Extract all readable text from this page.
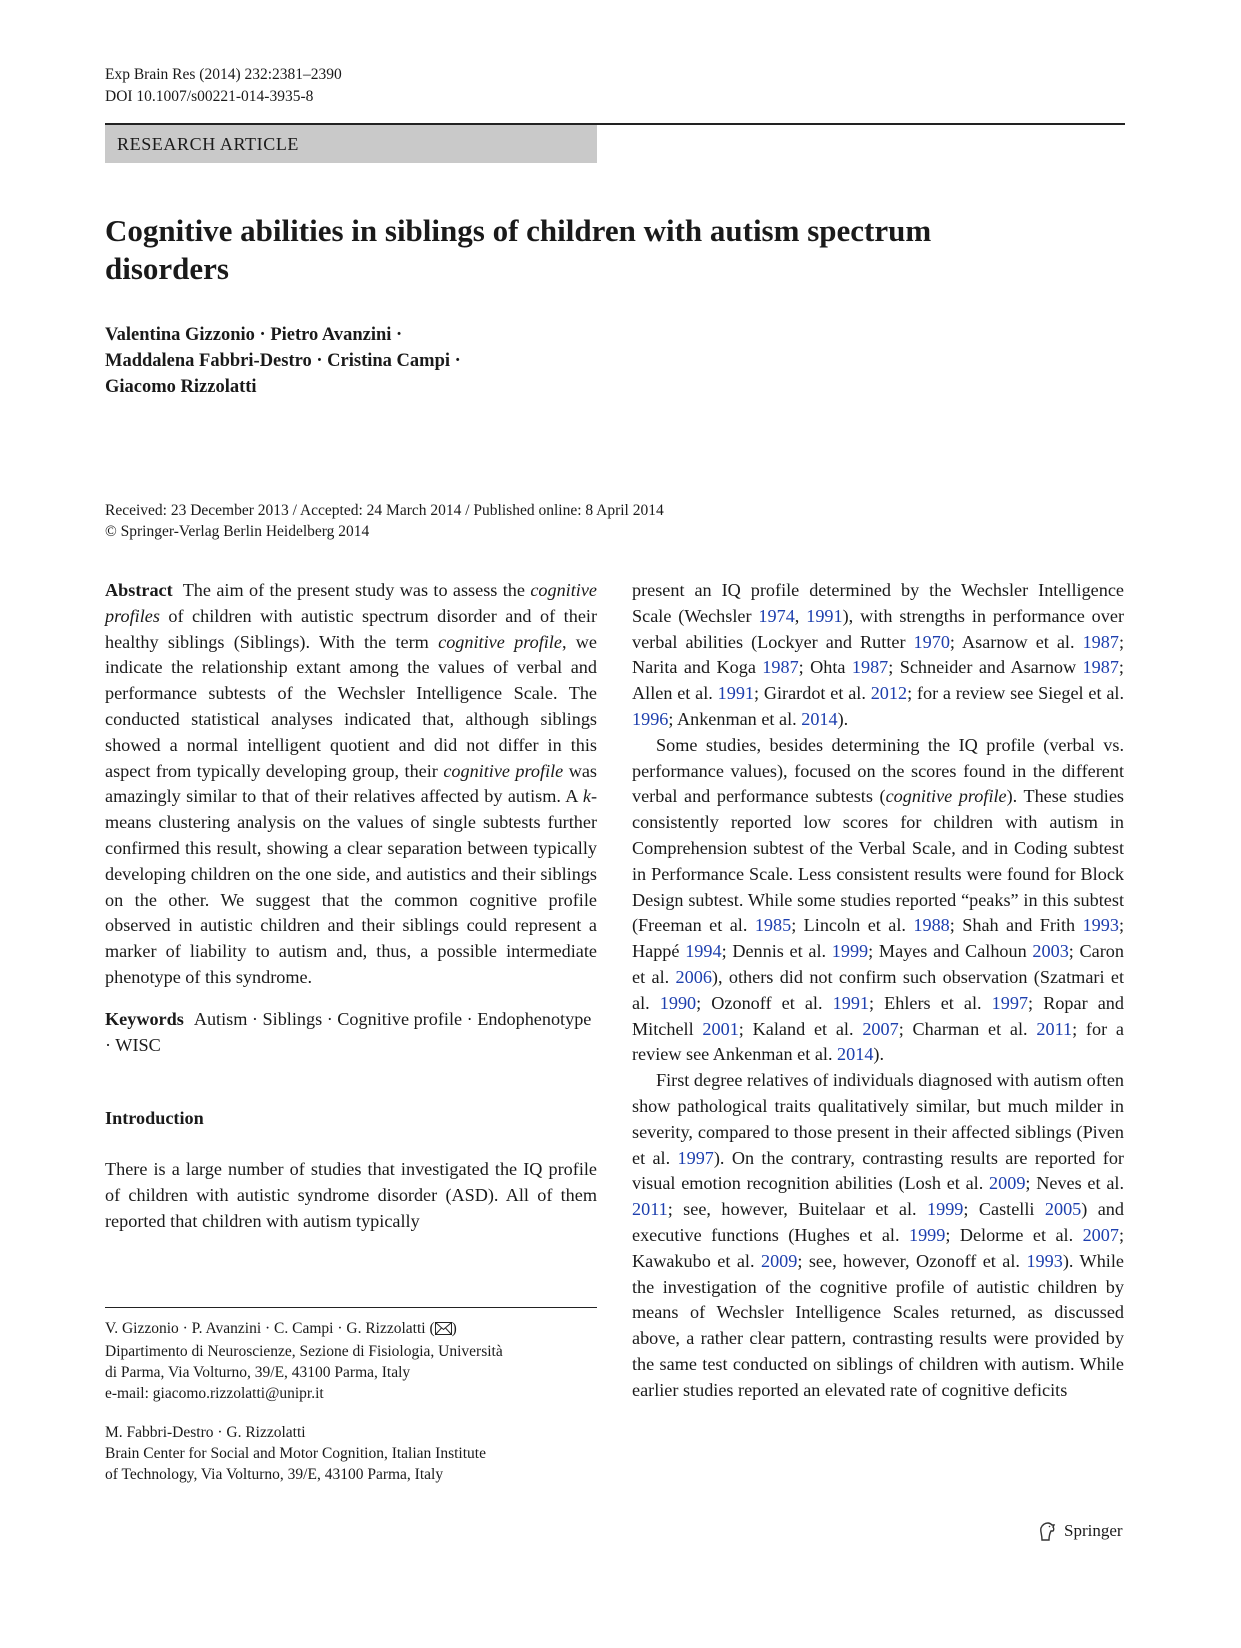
Exp Brain Res (2014) 232:2381–2390
DOI 10.1007/s00221-014-3935-8
RESEARCH ARTICLE
Cognitive abilities in siblings of children with autism spectrum disorders
Valentina Gizzonio · Pietro Avanzini ·
Maddalena Fabbri-Destro · Cristina Campi ·
Giacomo Rizzolatti
Received: 23 December 2013 / Accepted: 24 March 2014 / Published online: 8 April 2014
© Springer-Verlag Berlin Heidelberg 2014

Abstract The aim of the present study was to assess the cognitive profiles of children with autistic spectrum disorder and of their healthy siblings (Siblings). With the term cognitive profile, we indicate the relationship extant among the values of verbal and performance subtests of the Wechsler Intelligence Scale. The conducted statistical analyses indicated that, although siblings showed a normal intelligent quotient and did not differ in this aspect from typically developing group, their cognitive profile was amazingly similar to that of their relatives affected by autism. A k-means clustering analysis on the values of single subtests further confirmed this result, showing a clear separation between typically developing children on the one side, and autistics and their siblings on the other. We suggest that the common cognitive profile observed in autistic children and their siblings could represent a marker of liability to autism and, thus, a possible intermediate phenotype of this syndrome.

Keywords Autism · Siblings · Cognitive profile · Endophenotype · WISC

Introduction

There is a large number of studies that investigated the IQ profile of children with autistic syndrome disorder (ASD). All of them reported that children with autism typically

V. Gizzonio · P. Avanzini · C. Campi · G. Rizzolatti ( )
Dipartimento di Neuroscienze, Sezione di Fisiologia, Università
di Parma, Via Volturno, 39/E, 43100 Parma, Italy
e-mail: giacomo.rizzolatti@unipr.it
M. Fabbri-Destro · G. Rizzolatti
Brain Center for Social and Motor Cognition, Italian Institute
of Technology, Via Volturno, 39/E, 43100 Parma, Italy

present an IQ profile determined by the Wechsler Intelligence Scale (Wechsler 1974, 1991), with strengths in performance over verbal abilities (Lockyer and Rutter 1970; Asarnow et al. 1987; Narita and Koga 1987; Ohta 1987; Schneider and Asarnow 1987; Allen et al. 1991; Girardot et al. 2012; for a review see Siegel et al. 1996; Ankenman et al. 2014).

Some studies, besides determining the IQ profile (verbal vs. performance values), focused on the scores found in the different verbal and performance subtests (cognitive profile). These studies consistently reported low scores for children with autism in Comprehension subtest of the Verbal Scale, and in Coding subtest in Performance Scale. Less consistent results were found for Block Design subtest. While some studies reported “peaks” in this subtest (Freeman et al. 1985; Lincoln et al. 1988; Shah and Frith 1993; Happé 1994; Dennis et al. 1999; Mayes and Calhoun 2003; Caron et al. 2006), others did not confirm such observation (Szatmari et al. 1990; Ozonoff et al. 1991; Ehlers et al. 1997; Ropar and Mitchell 2001; Kaland et al. 2007; Charman et al. 2011; for a review see Ankenman et al. 2014).

First degree relatives of individuals diagnosed with autism often show pathological traits qualitatively similar, but much milder in severity, compared to those present in their affected siblings (Piven et al. 1997). On the contrary, contrasting results are reported for visual emotion recognition abilities (Losh et al. 2009; Neves et al. 2011; see, however, Buitelaar et al. 1999; Castelli 2005) and executive functions (Hughes et al. 1999; Delorme et al. 2007; Kawakubo et al. 2009; see, however, Ozonoff et al. 1993). While the investigation of the cognitive profile of autistic children by means of Wechsler Intelligence Scales returned, as discussed above, a rather clear pattern, contrasting results were provided by the same test conducted on siblings of children with autism. While earlier studies reported an elevated rate of cognitive deficits

Springer
